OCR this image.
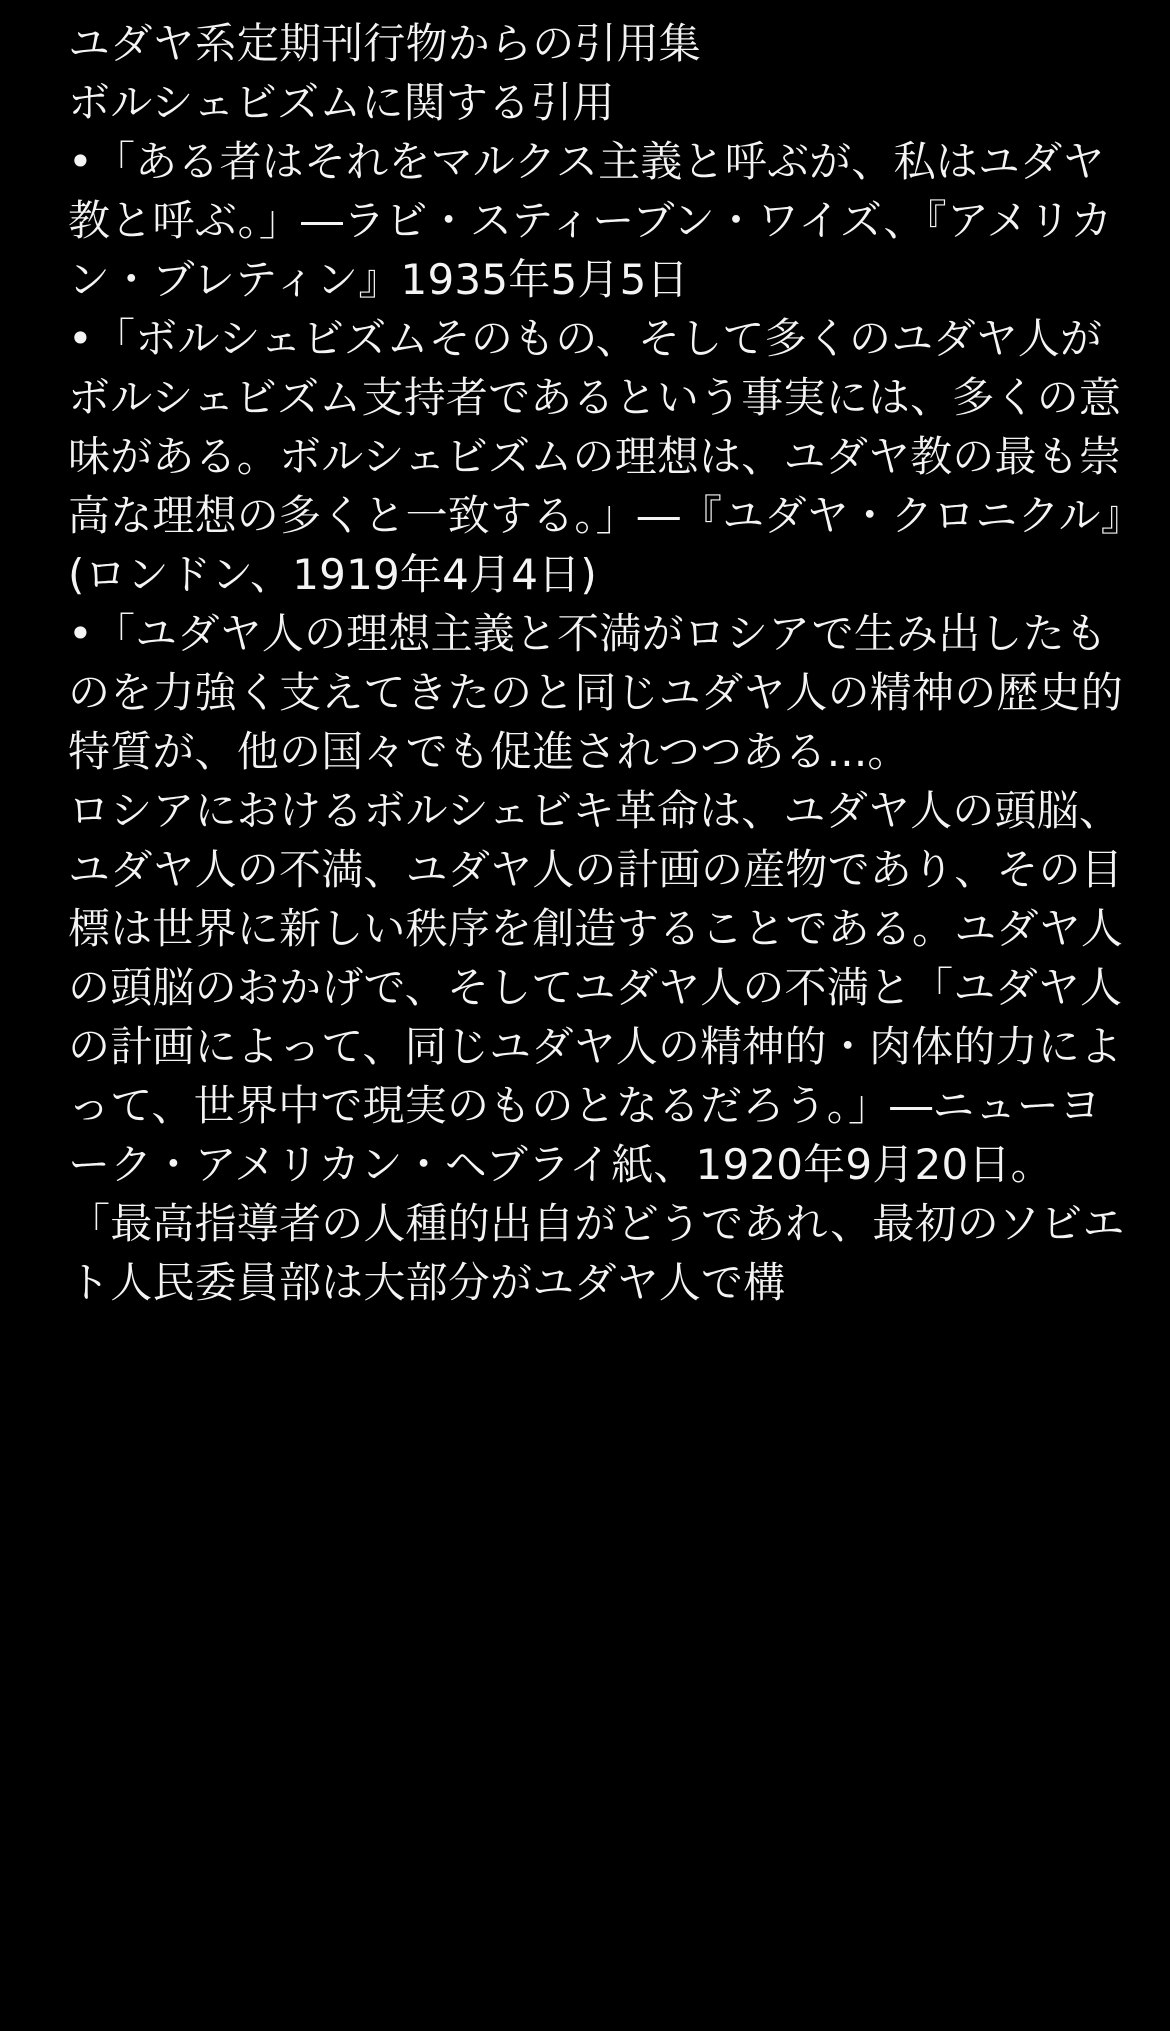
ユダヤ系定期刊行物からの引用集
ボルシェビズムに関する引用
•「ある者はそれをマルクス主義と呼ぶが、私はユダヤ教と呼ぶ。」―ラビ・スティーブン・ワイズ、『アメリカン・ブレティン』1935年5月5日
•「ボルシェビズムそのもの、そして多くのユダヤ人がボルシェビズム支持者であるという事実には、多くの意味がある。ボルシェビズムの理想は、ユダヤ教の最も崇高な理想の多くと一致する。」―『ユダヤ・クロニクル』(ロンドン、1919年4月4日)
•「ユダヤ人の理想主義と不満がロシアで生み出したものを力強く支えてきたのと同じユダヤ人の精神の歴史的特質が、他の国々でも促進されつつある...。
ロシアにおけるボルシェビキ革命は、ユダヤ人の頭脳、ユダヤ人の不満、ユダヤ人の計画の産物であり、その目標は世界に新しい秩序を創造することである。ユダヤ人の頭脳のおかげで、そしてユダヤ人の不満と「ユダヤ人の計画によって、同じユダヤ人の精神的・肉体的力によって、世界中で現実のものとなるだろう。」―ニューヨーク・アメリカン・ヘブライ紙、1920年9月20日。
「最高指導者の人種的出自がどうであれ、最初のソビエト人民委員部は大部分がユダヤ人で構
